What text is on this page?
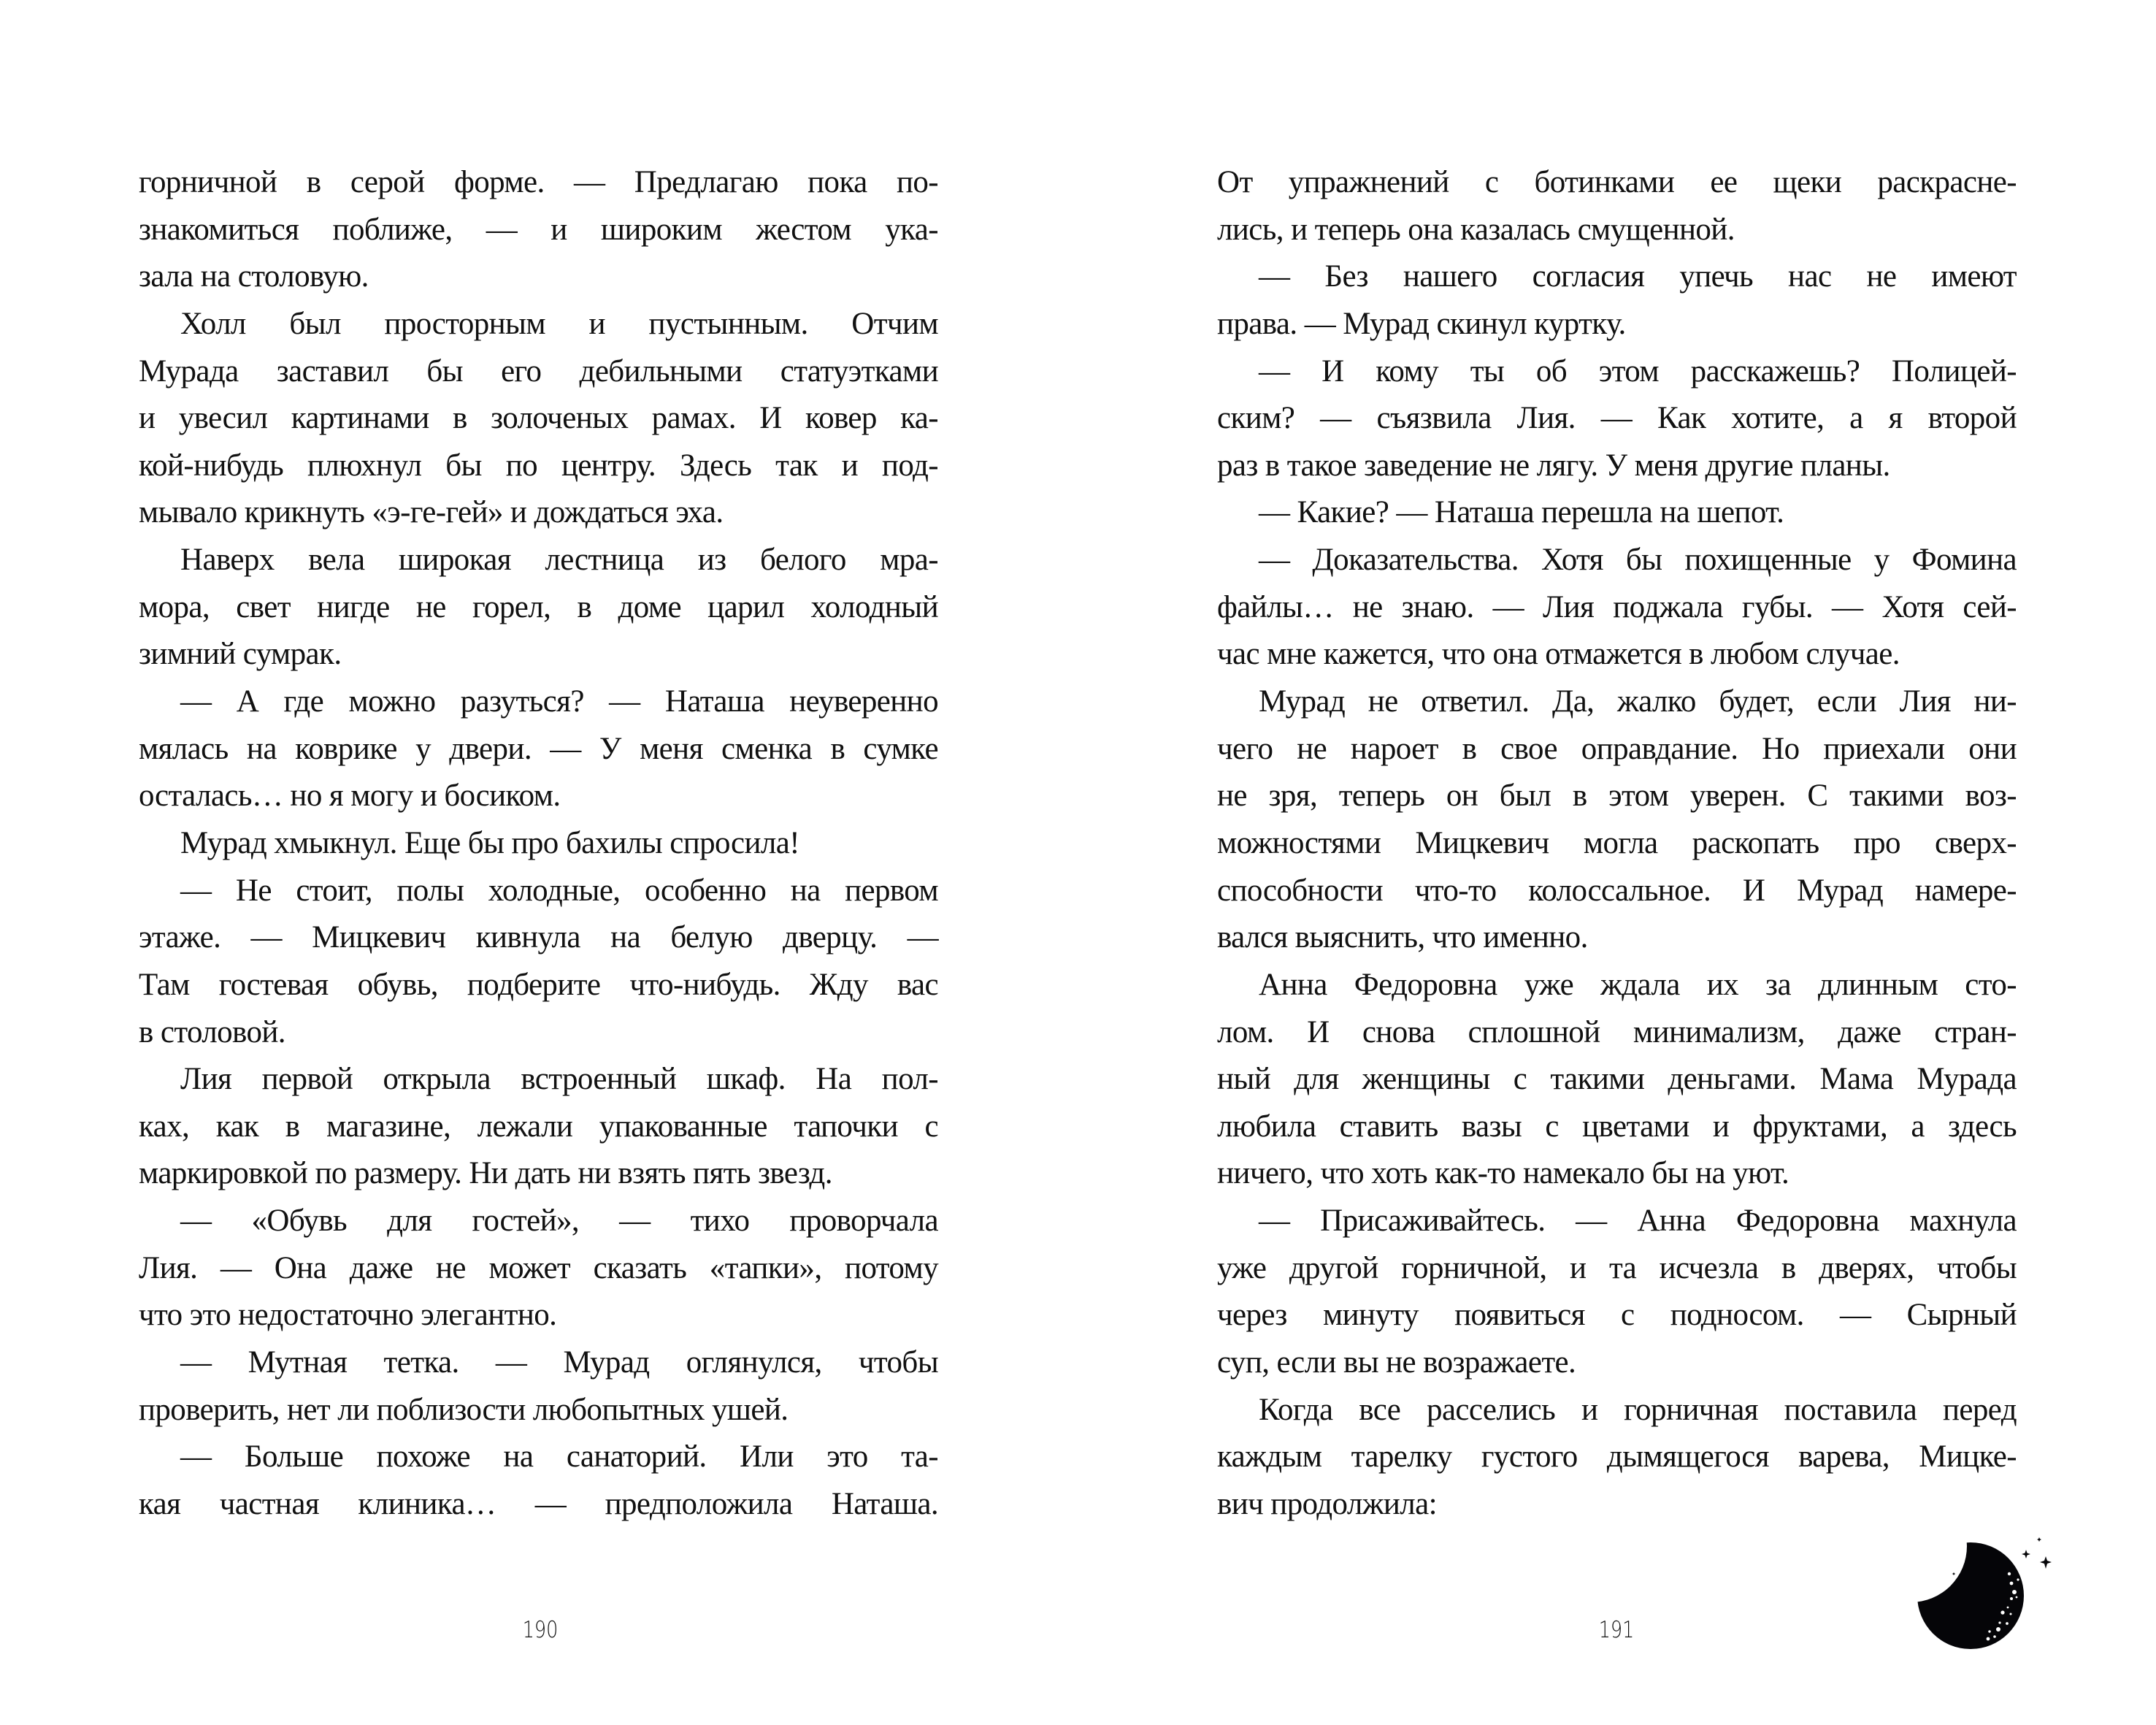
горничной в серой форме. — Предлагаю пока по-
знакомиться поближе, — и широким жестом ука-
зала на столовую.
Холл был просторным и пустынным. Отчим
Мурада заставил бы его дебильными статуэтками
и увесил картинами в золоченых рамах. И ковер ка-
кой-нибудь плюхнул бы по центру. Здесь так и под-
мывало крикнуть «э-ге-гей» и дождаться эха.
Наверх вела широкая лестница из белого мра-
мора, свет нигде не горел, в доме царил холодный
зимний сумрак.
— А где можно разуться? — Наташа неуверенно
мялась на коврике у двери. — У меня сменка в сумке
осталась… но я могу и босиком.
Мурад хмыкнул. Еще бы про бахилы спросила!
— Не стоит, полы холодные, особенно на первом
этаже. — Мицкевич кивнула на белую дверцу. —
Там гостевая обувь, подберите что-нибудь. Жду вас
в столовой.
Лия первой открыла встроенный шкаф. На пол-
ках, как в магазине, лежали упакованные тапочки с
маркировкой по размеру. Ни дать ни взять пять звезд.
— «Обувь для гостей», — тихо проворчала
Лия. — Она даже не может сказать «тапки», потому
что это недостаточно элегантно.
— Мутная тетка. — Мурад оглянулся, чтобы
проверить, нет ли поблизости любопытных ушей.
— Больше похоже на санаторий. Или это та-
кая частная клиника… — предположила Наташа.
190
От упражнений с ботинками ее щеки раскрасне-
лись, и теперь она казалась смущенной.
— Без нашего согласия упечь нас не имеют
права. — Мурад скинул куртку.
— И кому ты об этом расскажешь? Полицей-
ским? — съязвила Лия. — Как хотите, а я второй
раз в такое заведение не лягу. У меня другие планы.
— Какие? — Наташа перешла на шепот.
— Доказательства. Хотя бы похищенные у Фомина
файлы… не знаю. — Лия поджала губы. — Хотя сей-
час мне кажется, что она отмажется в любом случае.
Мурад не ответил. Да, жалко будет, если Лия ни-
чего не нароет в свое оправдание. Но приехали они
не зря, теперь он был в этом уверен. С такими воз-
можностями Мицкевич могла раскопать про сверх-
способности что-то колоссальное. И Мурад намере-
вался выяснить, что именно.
Анна Федоровна уже ждала их за длинным сто-
лом. И снова сплошной минимализм, даже стран-
ный для женщины с такими деньгами. Мама Мурада
любила ставить вазы с цветами и фруктами, а здесь
ничего, что хоть как-то намекало бы на уют.
— Присаживайтесь. — Анна Федоровна махнула
уже другой горничной, и та исчезла в дверях, чтобы
через минуту появиться с подносом. — Сырный
суп, если вы не возражаете.
Когда все расселись и горничная поставила перед
каждым тарелку густого дымящегося варева, Мицке-
вич продолжила:
191
